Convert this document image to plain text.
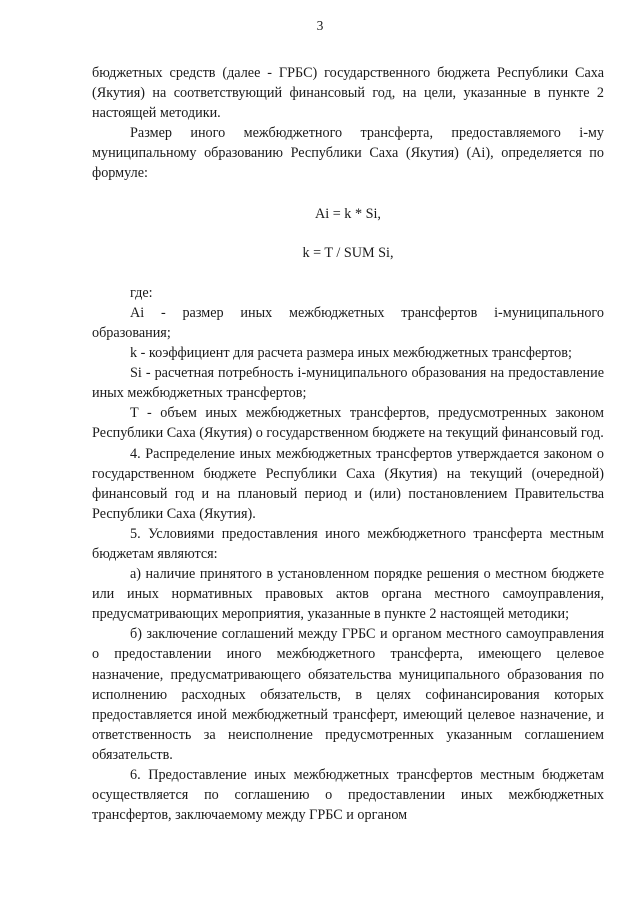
3

бюджетных средств (далее - ГРБС) государственного бюджета Республики Саха (Якутия) на соответствующий финансовый год, на цели, указанные в пункте 2 настоящей методики.

Размер иного межбюджетного трансферта, предоставляемого i-му муниципальному образованию Республики Саха (Якутия) (Ai), определяется по формуле:

Ai = k * Si,
k = T / SUM Si,

где:

Ai - размер иных межбюджетных трансфертов i-муниципального образования;

k - коэффициент для расчета размера иных межбюджетных трансфертов;

Si - расчетная потребность i-муниципального образования на предоставление иных межбюджетных трансфертов;

T - объем иных межбюджетных трансфертов, предусмотренных законом Республики Саха (Якутия) о государственном бюджете на текущий финансовый год.

4. Распределение иных межбюджетных трансфертов утверждается законом о государственном бюджете Республики Саха (Якутия) на текущий (очередной) финансовый год и на плановый период и (или) постановлением Правительства Республики Саха (Якутия).

5. Условиями предоставления иного межбюджетного трансферта местным бюджетам являются:

а) наличие принятого в установленном порядке решения о местном бюджете или иных нормативных правовых актов органа местного самоуправления, предусматривающих мероприятия, указанные в пункте 2 настоящей методики;

б) заключение соглашений между ГРБС и органом местного самоуправления о предоставлении иного межбюджетного трансферта, имеющего целевое назначение, предусматривающего обязательства муниципального образования по исполнению расходных обязательств, в целях софинансирования которых предоставляется иной межбюджетный трансферт, имеющий целевое назначение, и ответственность за неисполнение предусмотренных указанным соглашением обязательств.

6. Предоставление иных межбюджетных трансфертов местным бюджетам осуществляется по соглашению о предоставлении иных межбюджетных трансфертов, заключаемому между ГРБС и органом
